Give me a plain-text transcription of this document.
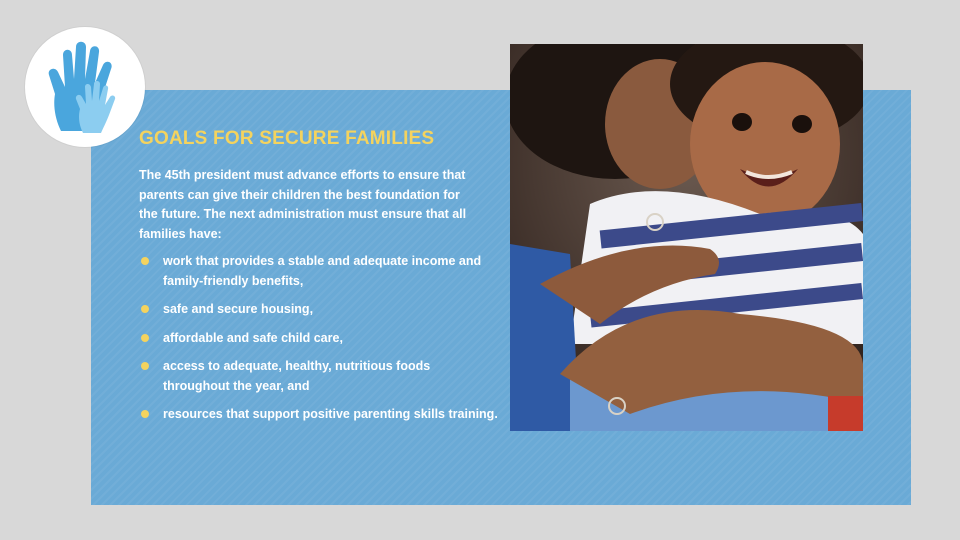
GOALS FOR SECURE FAMILIES
The 45th president must advance efforts to ensure that parents can give their children the best foundation for the future. The next administration must ensure that all families have:
work that provides a stable and adequate income and family-friendly benefits,
safe and secure housing,
affordable and safe child care,
access to adequate, healthy, nutritious foods throughout the year, and
resources that support positive parenting skills training.
